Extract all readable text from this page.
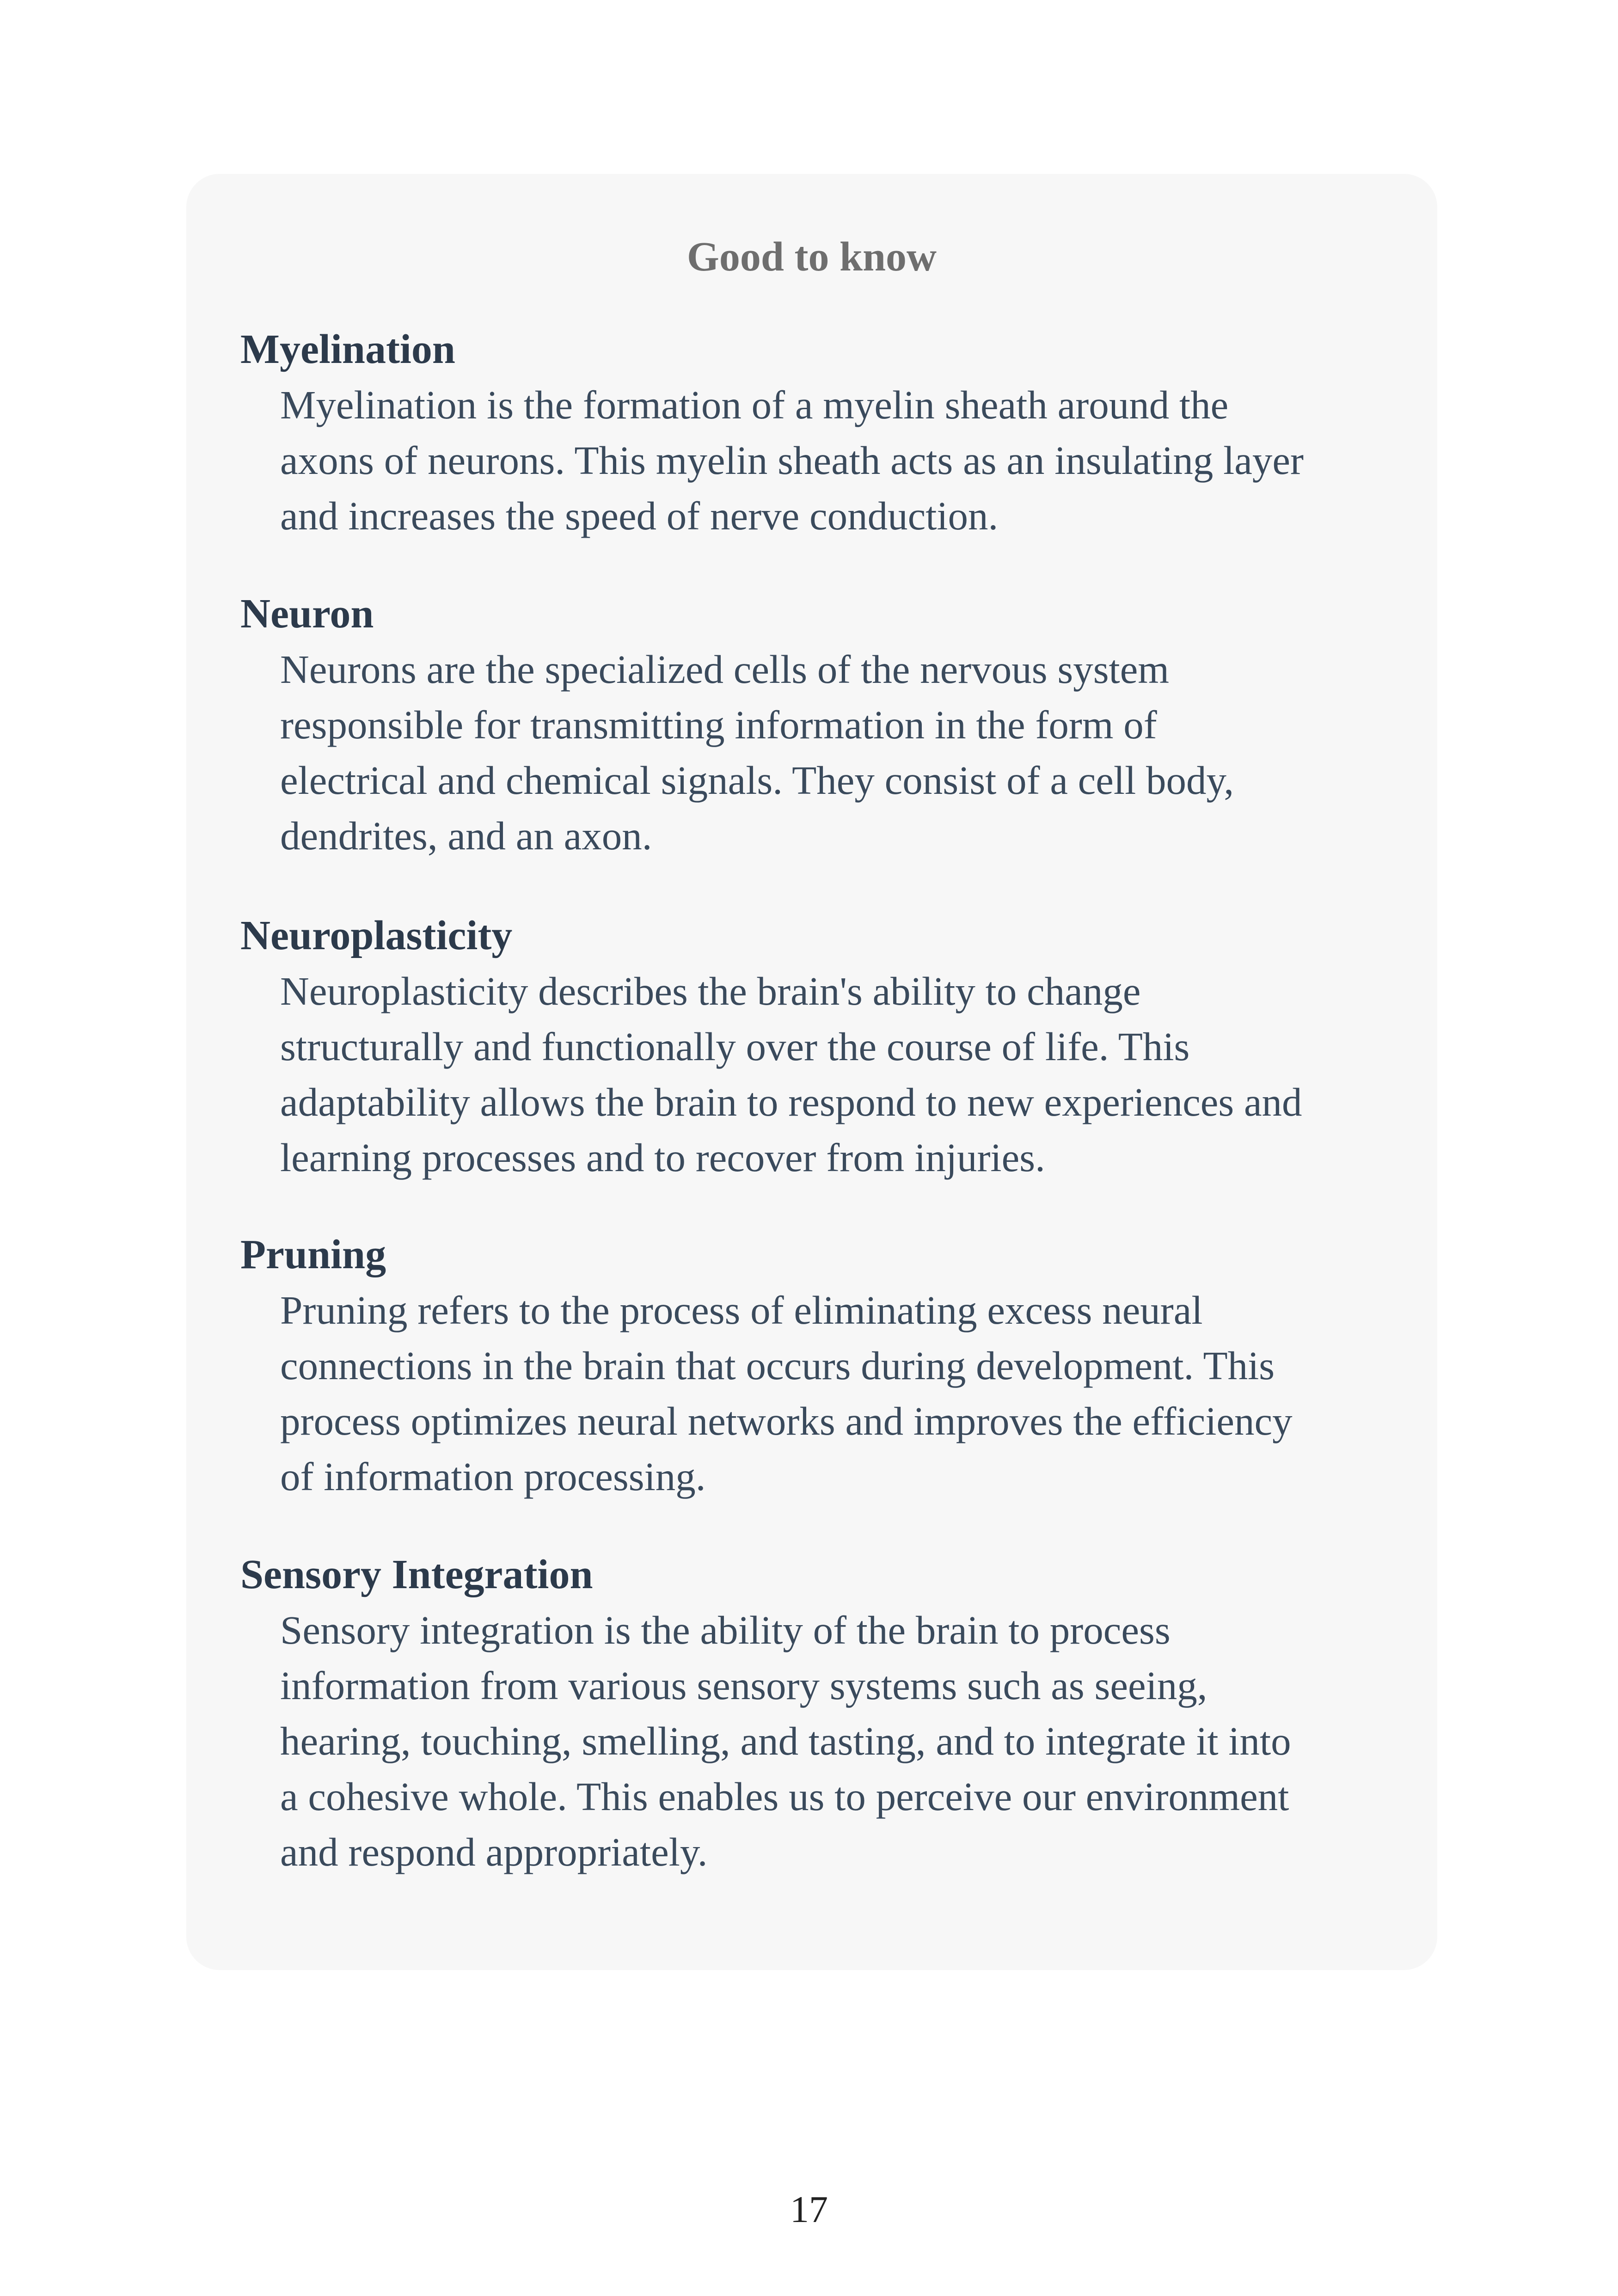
Good to know
Myelination
Myelination is the formation of a myelin sheath around the
axons of neurons. This myelin sheath acts as an insulating layer
and increases the speed of nerve conduction.
Neuron
Neurons are the specialized cells of the nervous system
responsible for transmitting information in the form of
electrical and chemical signals. They consist of a cell body,
dendrites, and an axon.
Neuroplasticity
Neuroplasticity describes the brain's ability to change
structurally and functionally over the course of life. This
adaptability allows the brain to respond to new experiences and
learning processes and to recover from injuries.
Pruning
Pruning refers to the process of eliminating excess neural
connections in the brain that occurs during development. This
process optimizes neural networks and improves the efficiency
of information processing.
Sensory Integration
Sensory integration is the ability of the brain to process
information from various sensory systems such as seeing,
hearing, touching, smelling, and tasting, and to integrate it into
a cohesive whole. This enables us to perceive our environment
and respond appropriately.
17
